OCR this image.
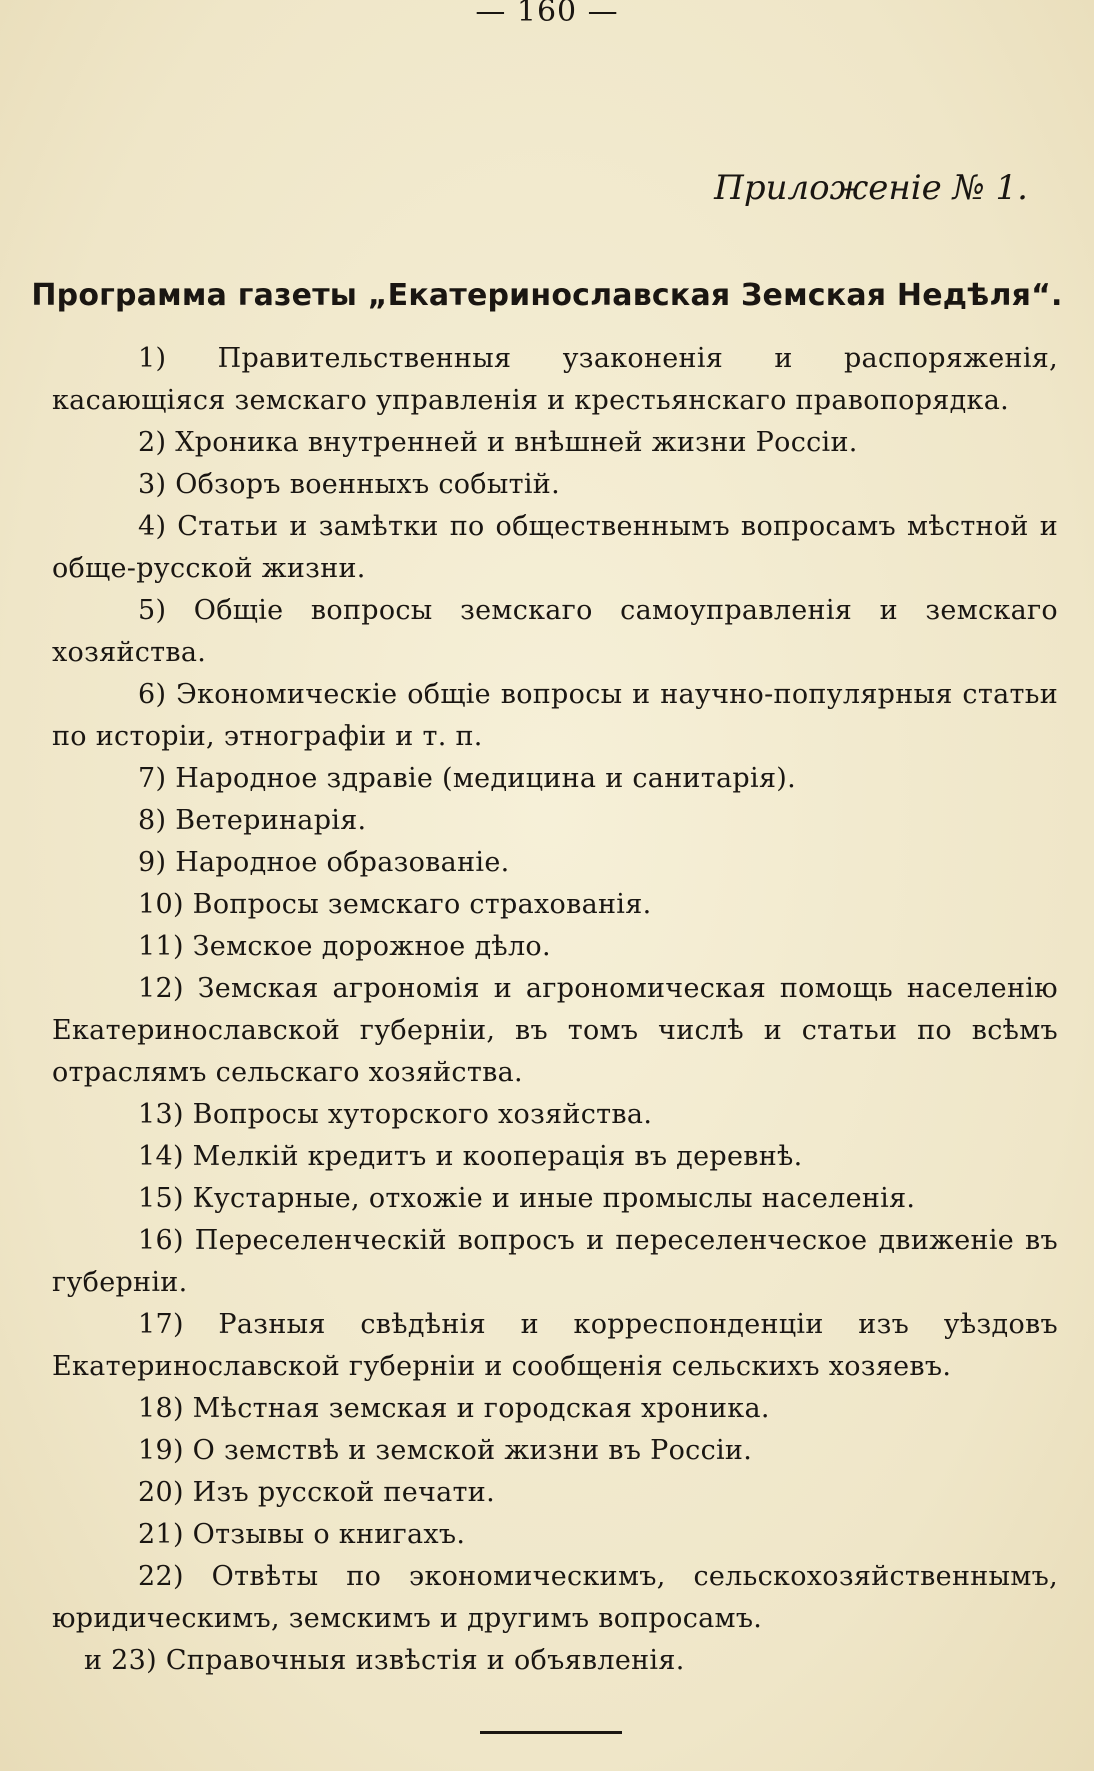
— 160 —
Приложеніе № 1.
Программа газеты „Екатеринославская Земская Недѣля“.
1) Правительственныя узаконенія и распоряженія, касающіяся земскаго управленія и крестьянскаго правопорядка.
2) Хроника внутренней и внѣшней жизни Россіи.
3) Обзоръ военныхъ событій.
4) Статьи и замѣтки по общественнымъ вопросамъ мѣстной и обще-русской жизни.
5) Общіе вопросы земскаго самоуправленія и земскаго хозяйства.
6) Экономическіе общіе вопросы и научно-популярныя статьи по исторіи, этнографіи и т. п.
7) Народное здравіе (медицина и санитарія).
8) Ветеринарія.
9) Народное образованіе.
10) Вопросы земскаго страхованія.
11) Земское дорожное дѣло.
12) Земская агрономія и агрономическая помощь населенію Екатеринославской губерніи, въ томъ числѣ и статьи по всѣмъ отраслямъ сельскаго хозяйства.
13) Вопросы хуторского хозяйства.
14) Мелкій кредитъ и кооперація въ деревнѣ.
15) Кустарные, отхожіе и иные промыслы населенія.
16) Переселенческій вопросъ и переселенческое движеніе въ губерніи.
17) Разныя свѣдѣнія и корреспонденціи изъ уѣздовъ Екатеринославской губерніи и сообщенія сельскихъ хозяевъ.
18) Мѣстная земская и городская хроника.
19) О земствѣ и земской жизни въ Россіи.
20) Изъ русской печати.
21) Отзывы о книгахъ.
22) Отвѣты по экономическимъ, сельскохозяйственнымъ, юридическимъ, земскимъ и другимъ вопросамъ.
и 23) Справочныя извѣстія и объявленія.
